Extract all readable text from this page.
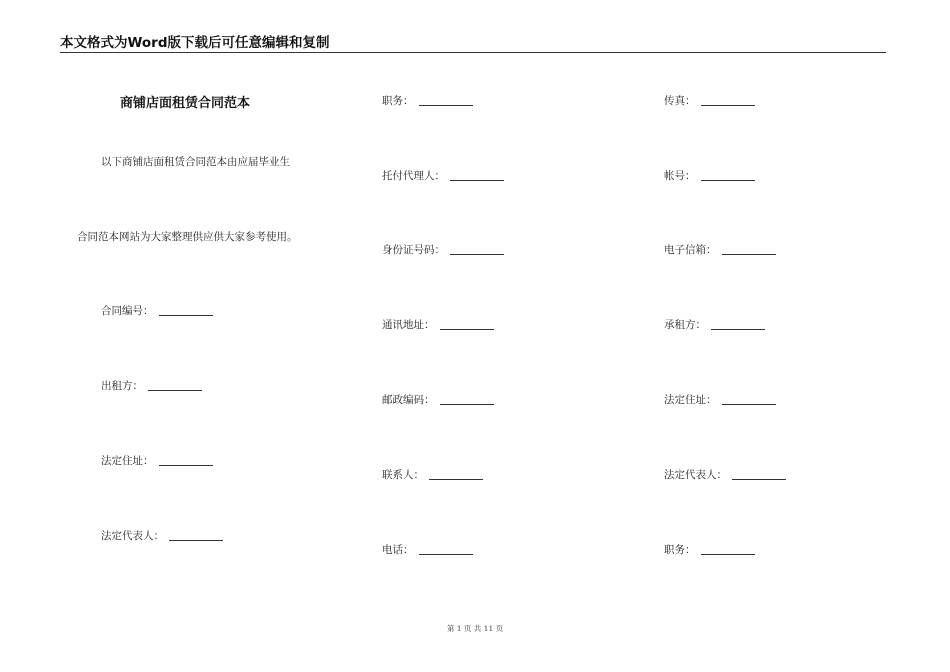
本文格式为Word版下载后可任意编辑和复制
商铺店面租赁合同范本
以下商铺店面租赁合同范本由应届毕业生
合同范本网站为大家整理供应供大家参考使用。
合同编号：
出租方：
法定住址：
法定代表人：
职务：
托付代理人：
身份证号码：
通讯地址：
邮政编码：
联系人：
电话：
传真：
帐号：
电子信箱：
承租方：
法定住址：
法定代表人：
职务：
第 1 页 共 11 页
